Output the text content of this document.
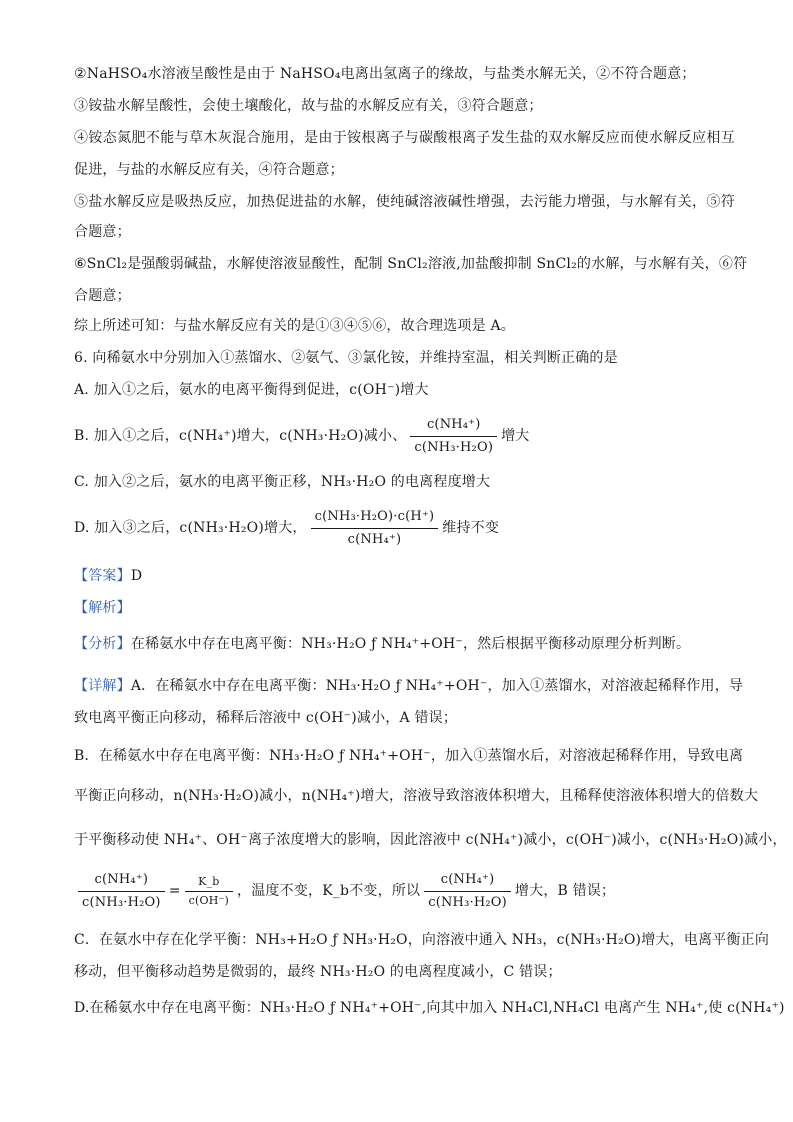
②NaHSO₄水溶液呈酸性是由于 NaHSO₄电离出氢离子的缘故，与盐类水解无关，②不符合题意；
③铵盐水解呈酸性，会使土壤酸化，故与盐的水解反应有关，③符合题意；
④铵态氮肥不能与草木灰混合施用，是由于铵根离子与碳酸根离子发生盐的双水解反应而使水解反应相互
促进，与盐的水解反应有关，④符合题意；
⑤盐水解反应是吸热反应，加热促进盐的水解，使纯碱溶液碱性增强，去污能力增强，与水解有关，⑤符
合题意；
⑥SnCl₂是强酸弱碱盐，水解使溶液显酸性，配制 SnCl₂溶液,加盐酸抑制 SnCl₂的水解，与水解有关，⑥符
合题意；
综上所述可知：与盐水解反应有关的是①③④⑤⑥，故合理选项是 A。
6. 向稀氨水中分别加入①蒸馏水、②氨气、③氯化铵，并维持室温，相关判断正确的是
A. 加入①之后，氨水的电离平衡得到促进，c(OH⁻)增大
B. 加入①之后，c(NH₄⁺)增大，c(NH₃·H₂O)减小、 $\frac{\text{c(NH₄⁺)}}{\text{c(NH₃·H₂O)}}$ 增大
C. 加入②之后，氨水的电离平衡正移，NH₃·H₂O 的电离程度增大
D. 加入③之后，c(NH₃·H₂O)增大， $\frac{\text{c(NH₃·H₂O)·c(H⁺)}}{\text{c(NH₄⁺)}}$ 维持不变
【答案】D
【解析】
【分析】在稀氨水中存在电离平衡：NH₃·H₂O ƒ NH₄⁺+OH⁻，然后根据平衡移动原理分析判断。
【详解】A．在稀氨水中存在电离平衡：NH₃·H₂O ƒ NH₄⁺+OH⁻，加入①蒸馏水，对溶液起稀释作用，导
致电离平衡正向移动，稀释后溶液中 c(OH⁻)减小，A 错误；
B．在稀氨水中存在电离平衡：NH₃·H₂O ƒ NH₄⁺+OH⁻，加入①蒸馏水后，对溶液起稀释作用，导致电离
平衡正向移动，n(NH₃·H₂O)减小，n(NH₄⁺)增大，溶液导致溶液体积增大，且稀释使溶液体积增大的倍数大
于平衡移动使 NH₄⁺、OH⁻离子浓度增大的影响，因此溶液中 c(NH₄⁺)减小，c(OH⁻)减小，c(NH₃·H₂O)减小，
$\frac{\text{c(NH₄⁺)}}{\text{c(NH₃·H₂O)}} = \frac{K\_b}{c(OH^-)}$ ，温度不变，K_b不变，所以 $\frac{\text{c(NH₄⁺)}}{\text{c(NH₃·H₂O)}}$ 增大，B 错误；
C．在氨水中存在化学平衡：NH₃+H₂O ƒ NH₃·H₂O，向溶液中通入 NH₃，c(NH₃·H₂O)增大，电离平衡正向
移动，但平衡移动趋势是微弱的，最终 NH₃·H₂O 的电离程度减小，C 错误；
D.在稀氨水中存在电离平衡：NH₃·H₂O ƒ NH₄⁺+OH⁻,向其中加入 NH₄Cl,NH₄Cl 电离产生 NH₄⁺,使 c(NH₄⁺)
